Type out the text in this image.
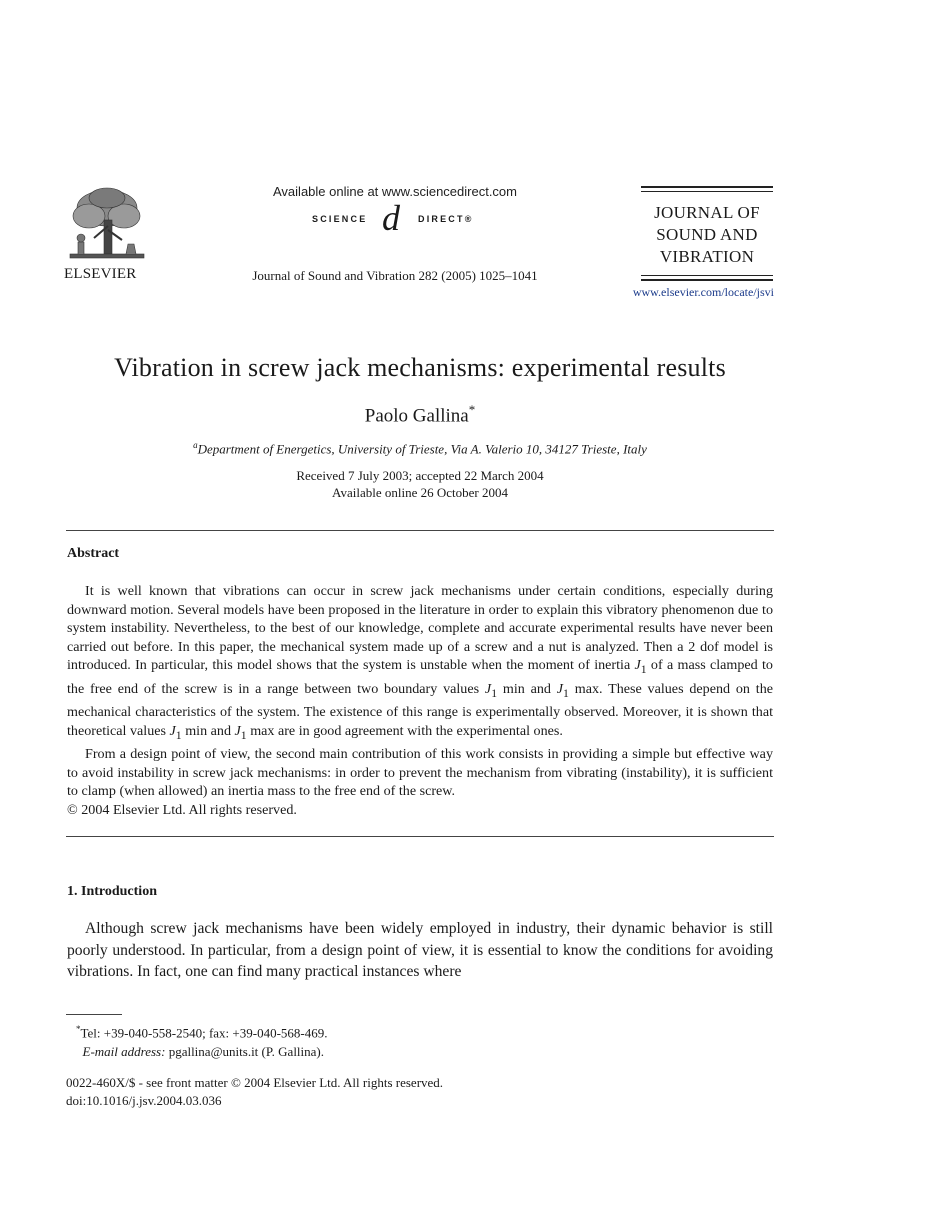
ELSEVIER
Available online at www.sciencedirect.com
SCIENCE d DIRECT®
Journal of Sound and Vibration 282 (2005) 1025–1041
JOURNAL OF
SOUND AND
VIBRATION
www.elsevier.com/locate/jsvi
Vibration in screw jack mechanisms: experimental results
Paolo Gallina*
$^a$Department of Energetics, University of Trieste, Via A. Valerio 10, 34127 Trieste, Italy
Received 7 July 2003; accepted 22 March 2004
Available online 26 October 2004
Abstract

It is well known that vibrations can occur in screw jack mechanisms under certain conditions, especially during downward motion. Several models have been proposed in the literature in order to explain this vibratory phenomenon due to system instability. Nevertheless, to the best of our knowledge, complete and accurate experimental results have never been carried out before. In this paper, the mechanical system made up of a screw and a nut is analyzed. Then a 2 dof model is introduced. In particular, this model shows that the system is unstable when the moment of inertia $J_1$ of a mass clamped to the free end of the screw is in a range between two boundary values $J_1$ min and $J_1$ max. These values depend on the mechanical characteristics of the system. The existence of this range is experimentally observed. Moreover, it is shown that theoretical values $J_1$ min and $J_1$ max are in good agreement with the experimental ones.

From a design point of view, the second main contribution of this work consists in providing a simple but effective way to avoid instability in screw jack mechanisms: in order to prevent the mechanism from vibrating (instability), it is sufficient to clamp (when allowed) an inertia mass to the free end of the screw.

© 2004 Elsevier Ltd. All rights reserved.
1. Introduction

Although screw jack mechanisms have been widely employed in industry, their dynamic behavior is still poorly understood. In particular, from a design point of view, it is essential to know the conditions for avoiding vibrations. In fact, one can find many practical instances where

*Tel: +39-040-558-2540; fax: +39-040-568-469.
E-mail address: pgallina@units.it (P. Gallina).
0022-460X/$ - see front matter © 2004 Elsevier Ltd. All rights reserved.
doi:10.1016/j.jsv.2004.03.036
